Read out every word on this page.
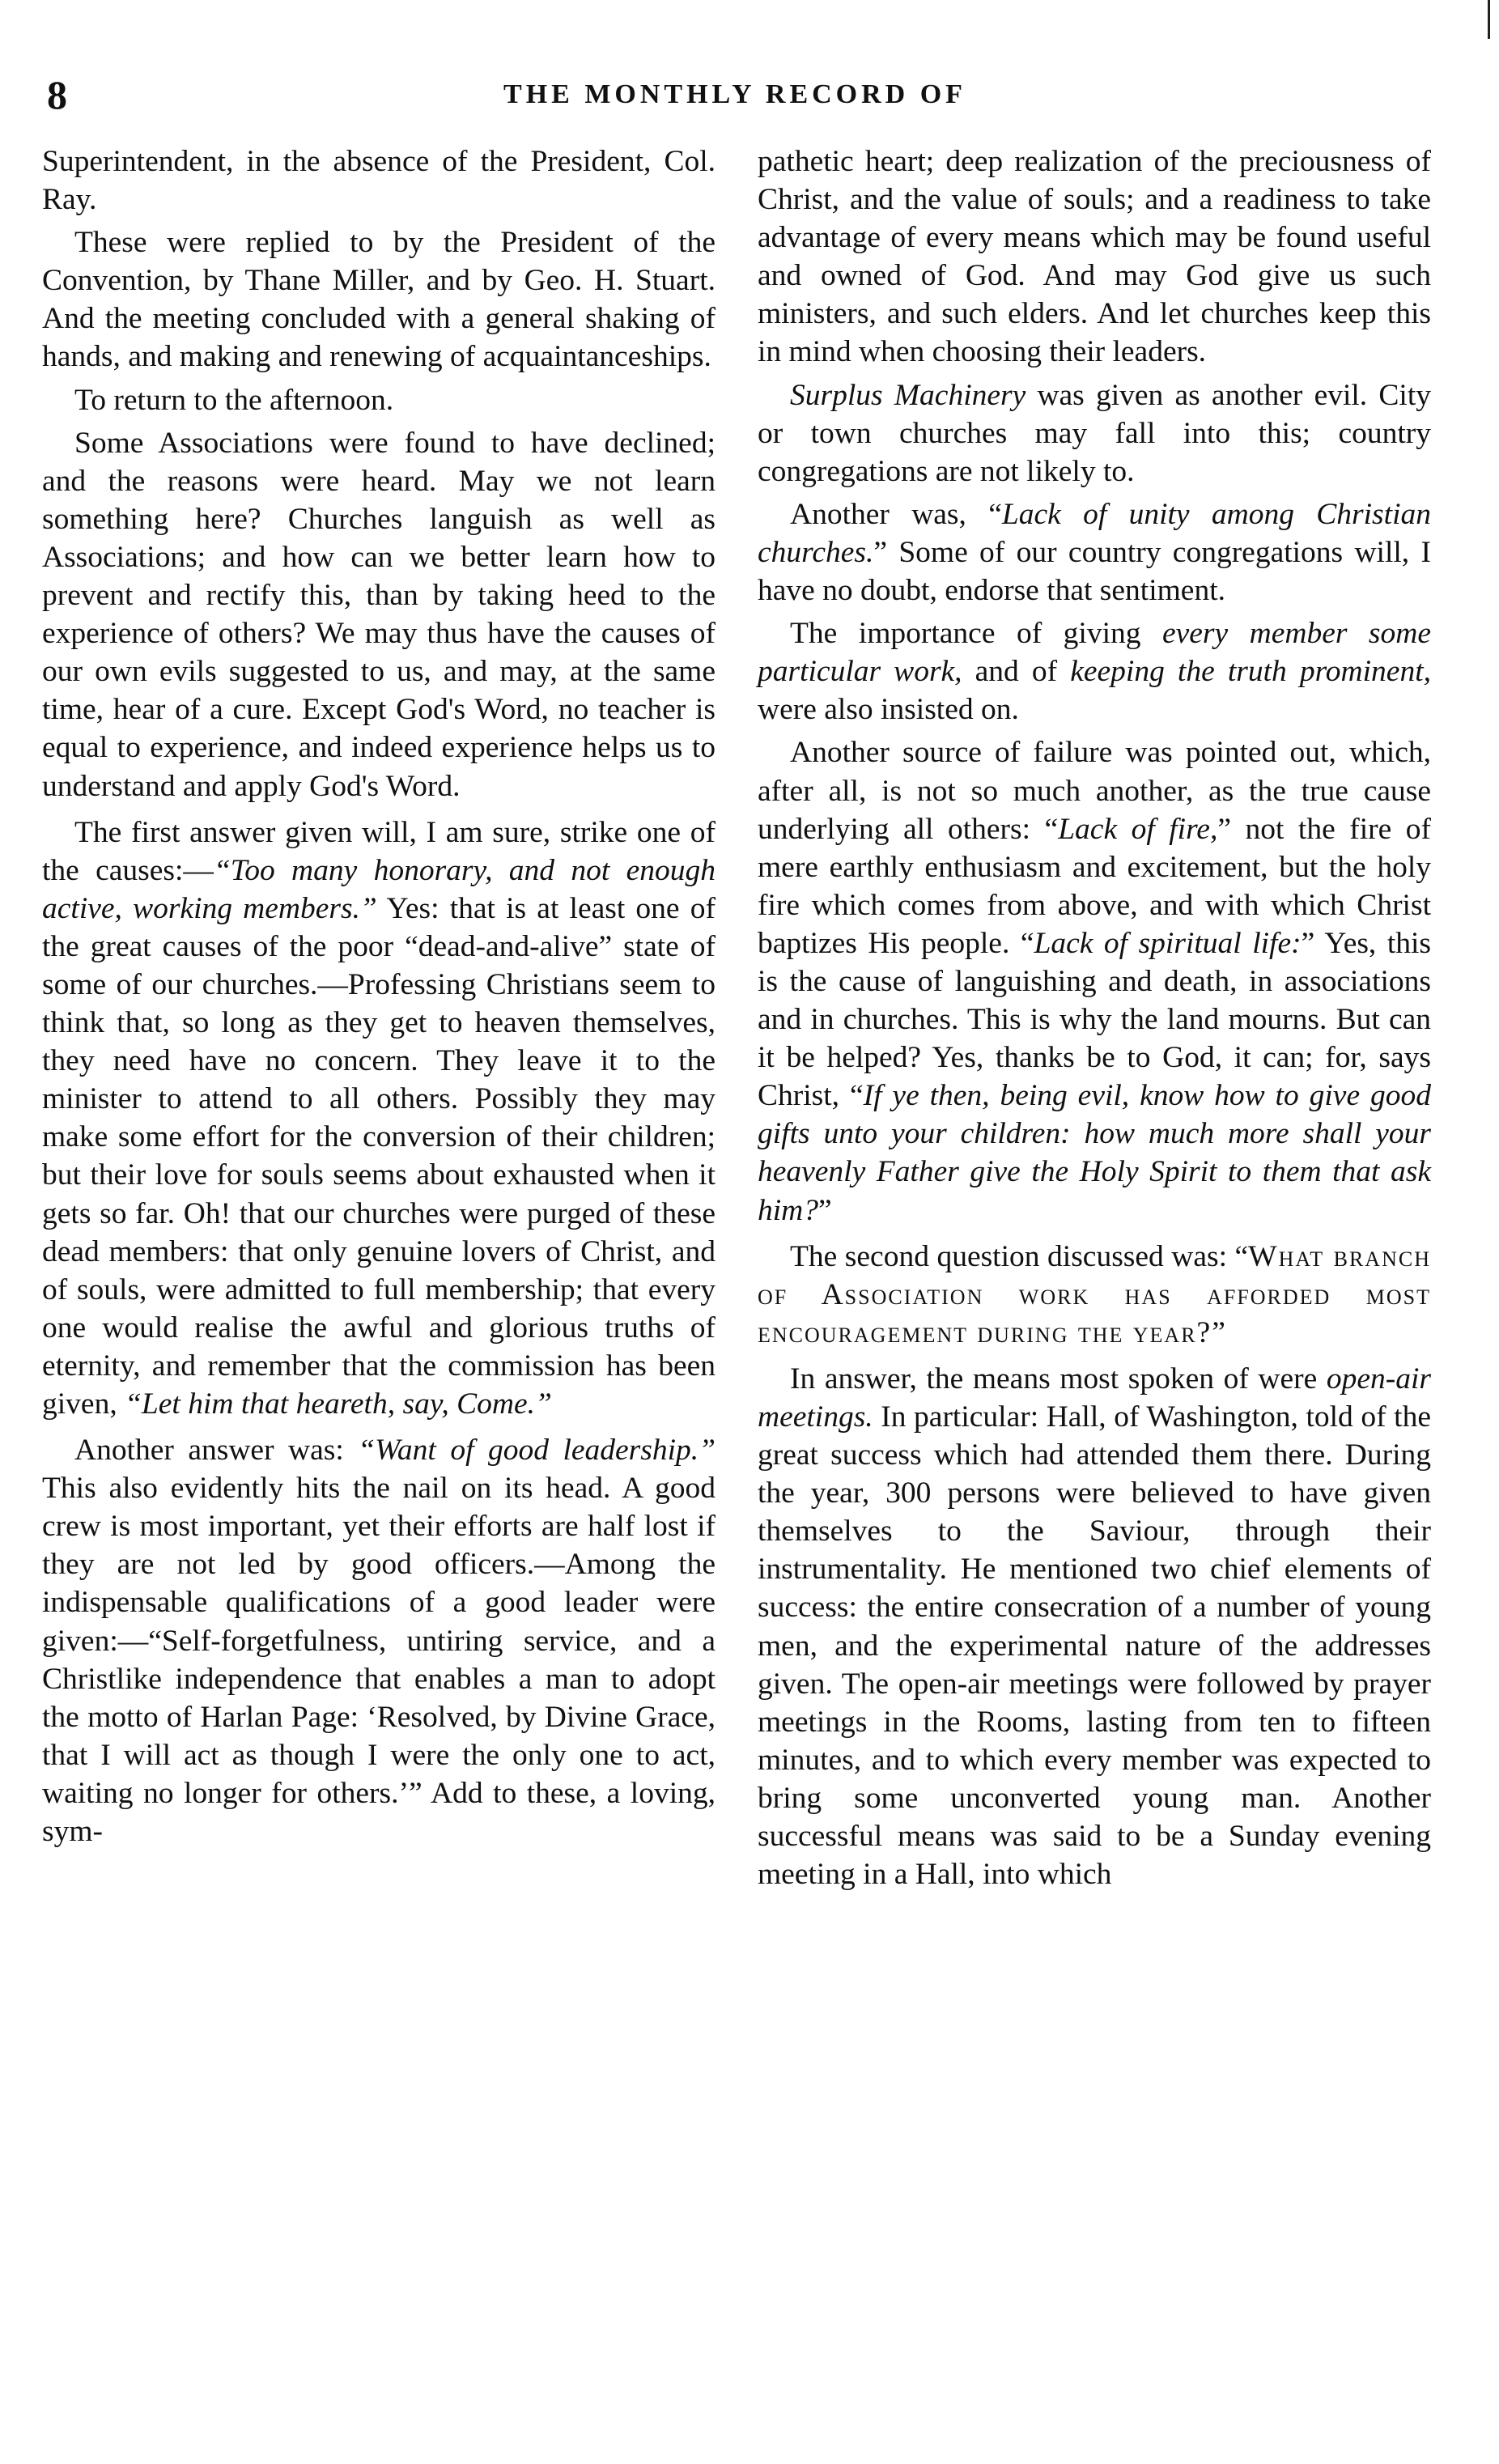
8	THE MONTHLY RECORD OF

Superintendent, in the absence of the President, Col. Ray.

These were replied to by the President of the Convention, by Thane Miller, and by Geo. H. Stuart. And the meeting concluded with a general shaking of hands, and making and renewing of acquaintanceships.

To return to the afternoon.

Some Associations were found to have declined; and the reasons were heard. May we not learn something here? Churches languish as well as Associations; and how can we better learn how to prevent and rectify this, than by taking heed to the experience of others? We may thus have the causes of our own evils suggested to us, and may, at the same time, hear of a cure. Except God's Word, no teacher is equal to experience, and indeed experience helps us to understand and apply God's Word.

The first answer given will, I am sure, strike one of the causes:—“Too many honorary, and not enough active, working members.” Yes: that is at least one of the great causes of the poor “dead-and-alive” state of some of our churches.—Professing Christians seem to think that, so long as they get to heaven themselves, they need have no concern. They leave it to the minister to attend to all others. Possibly they may make some effort for the conversion of their children; but their love for souls seems about exhausted when it gets so far. Oh! that our churches were purged of these dead members: that only genuine lovers of Christ, and of souls, were admitted to full membership; that every one would realise the awful and glorious truths of eternity, and remember that the commission has been given, “Let him that heareth, say, Come.”

Another answer was: “Want of good leadership.” This also evidently hits the nail on its head. A good crew is most important, yet their efforts are half lost if they are not led by good officers.—Among the indispensable qualifications of a good leader were given:—“Self-forgetfulness, untiring service, and a Christlike independence that enables a man to adopt the motto of Harlan Page: ‘Resolved, by Divine Grace, that I will act as though I were the only one to act, waiting no longer for others.’” Add to these, a loving, sym-

pathetic heart; deep realization of the preciousness of Christ, and the value of souls; and a readiness to take advantage of every means which may be found useful and owned of God. And may God give us such ministers, and such elders. And let churches keep this in mind when choosing their leaders.

Surplus Machinery was given as another evil. City or town churches may fall into this; country congregations are not likely to.

Another was, “Lack of unity among Christian churches.” Some of our country congregations will, I have no doubt, endorse that sentiment.

The importance of giving every member some particular work, and of keeping the truth prominent, were also insisted on.

Another source of failure was pointed out, which, after all, is not so much another, as the true cause underlying all others: “Lack of fire,” not the fire of mere earthly enthusiasm and excitement, but the holy fire which comes from above, and with which Christ baptizes His people. “Lack of spiritual life:” Yes, this is the cause of languishing and death, in associations and in churches. This is why the land mourns. But can it be helped? Yes, thanks be to God, it can; for, says Christ, “If ye then, being evil, know how to give good gifts unto your children: how much more shall your heavenly Father give the Holy Spirit to them that ask him?”

The second question discussed was: “What branch of Association work has afforded most encouragement during the year?”

In answer, the means most spoken of were open-air meetings. In particular: Hall, of Washington, told of the great success which had attended them there. During the year, 300 persons were believed to have given themselves to the Saviour, through their instrumentality. He mentioned two chief elements of success: the entire consecration of a number of young men, and the experimental nature of the addresses given. The open-air meetings were followed by prayer meetings in the Rooms, lasting from ten to fifteen minutes, and to which every member was expected to bring some unconverted young man. Another successful means was said to be a Sunday evening meeting in a Hall, into which
